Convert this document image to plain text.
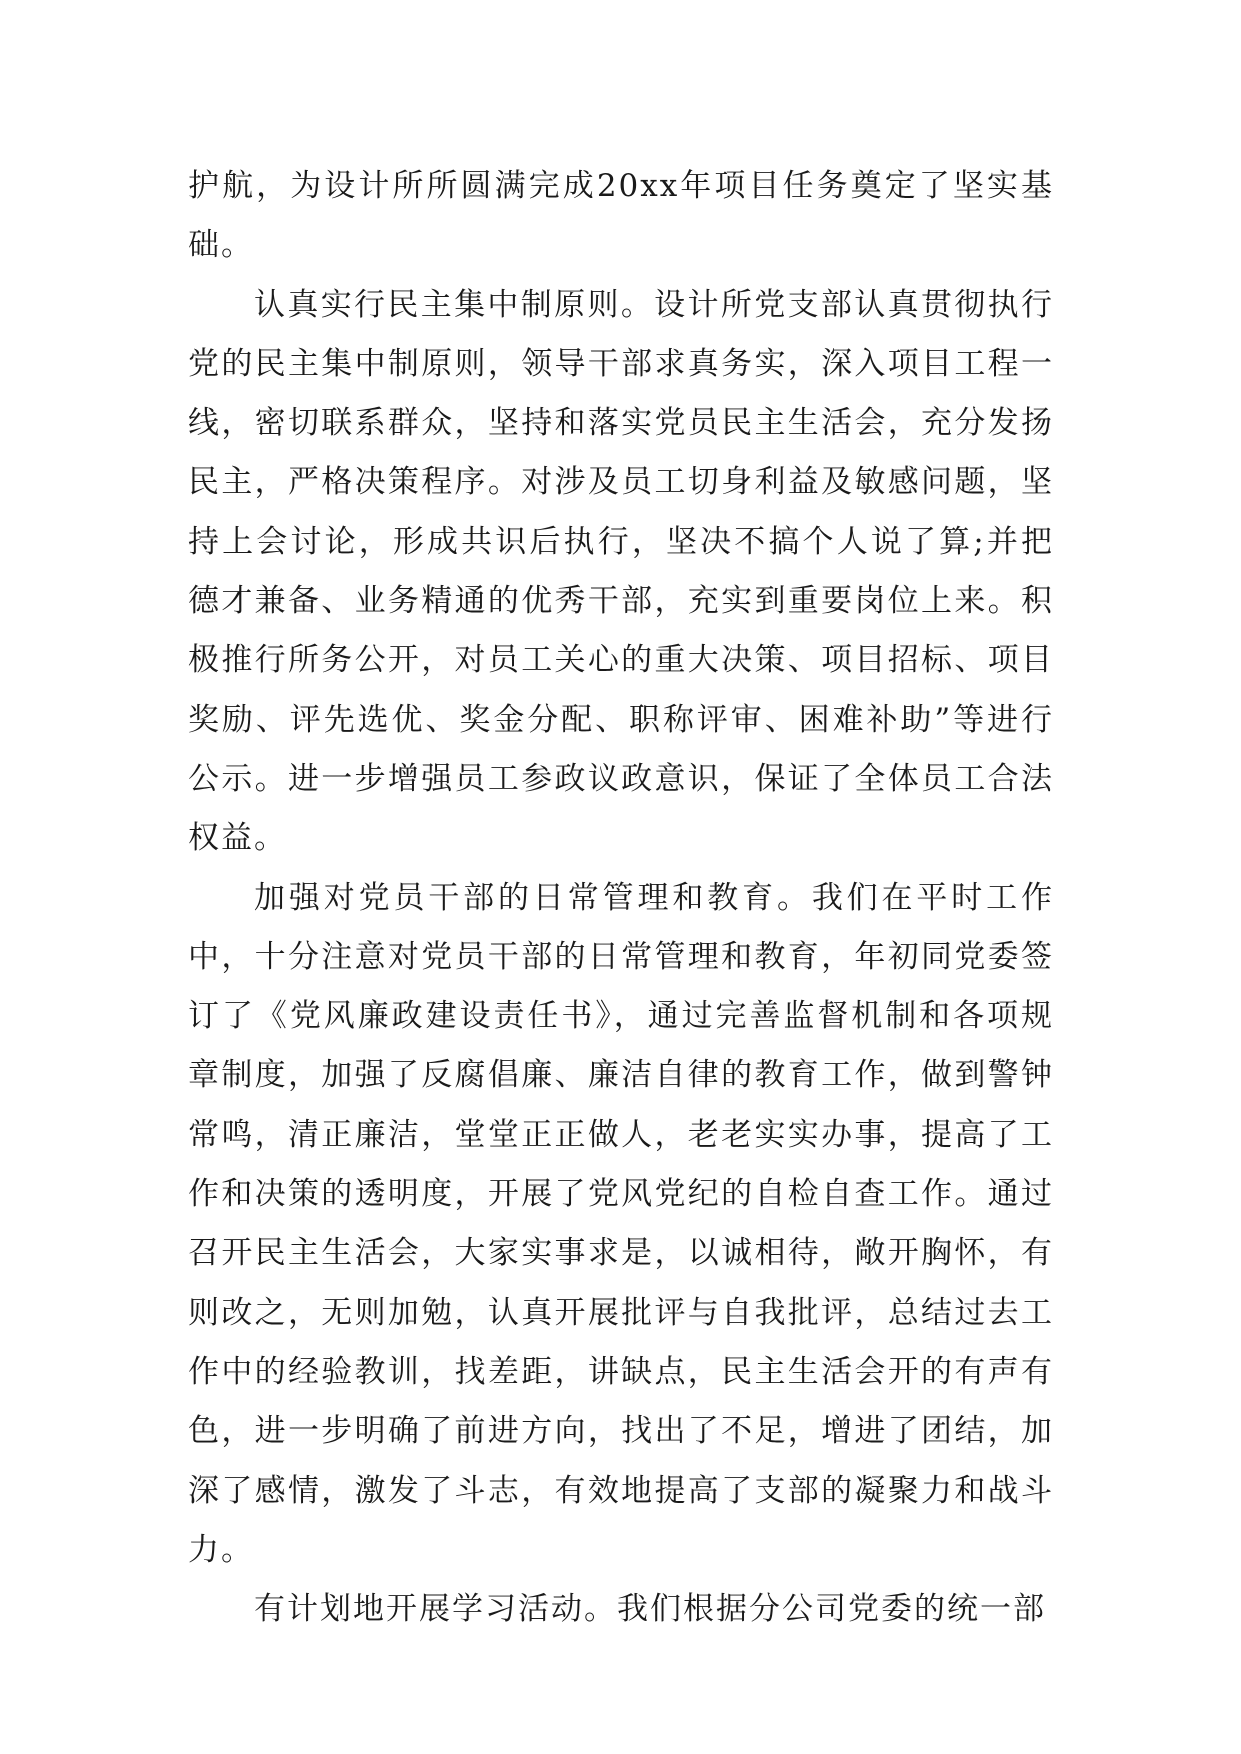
护航，为设计所所圆满完成20xx年项目任务奠定了坚实基础。

认真实行民主集中制原则。设计所党支部认真贯彻执行党的民主集中制原则，领导干部求真务实，深入项目工程一线，密切联系群众，坚持和落实党员民主生活会，充分发扬民主，严格决策程序。对涉及员工切身利益及敏感问题，坚持上会讨论，形成共识后执行，坚决不搞个人说了算;并把德才兼备、业务精通的优秀干部，充实到重要岗位上来。积极推行所务公开，对员工关心的重大决策、项目招标、项目奖励、评先选优、奖金分配、职称评审、困难补助”等进行公示。进一步增强员工参政议政意识，保证了全体员工合法权益。

加强对党员干部的日常管理和教育。我们在平时工作中，十分注意对党员干部的日常管理和教育，年初同党委签订了《党风廉政建设责任书》，通过完善监督机制和各项规章制度，加强了反腐倡廉、廉洁自律的教育工作，做到警钟常鸣，清正廉洁，堂堂正正做人，老老实实办事，提高了工作和决策的透明度，开展了党风党纪的自检自查工作。通过召开民主生活会，大家实事求是，以诚相待，敞开胸怀，有则改之，无则加勉，认真开展批评与自我批评，总结过去工作中的经验教训，找差距，讲缺点，民主生活会开的有声有色，进一步明确了前进方向，找出了不足，增进了团结，加深了感情，激发了斗志，有效地提高了支部的凝聚力和战斗力。

有计划地开展学习活动。我们根据分公司党委的统一部
